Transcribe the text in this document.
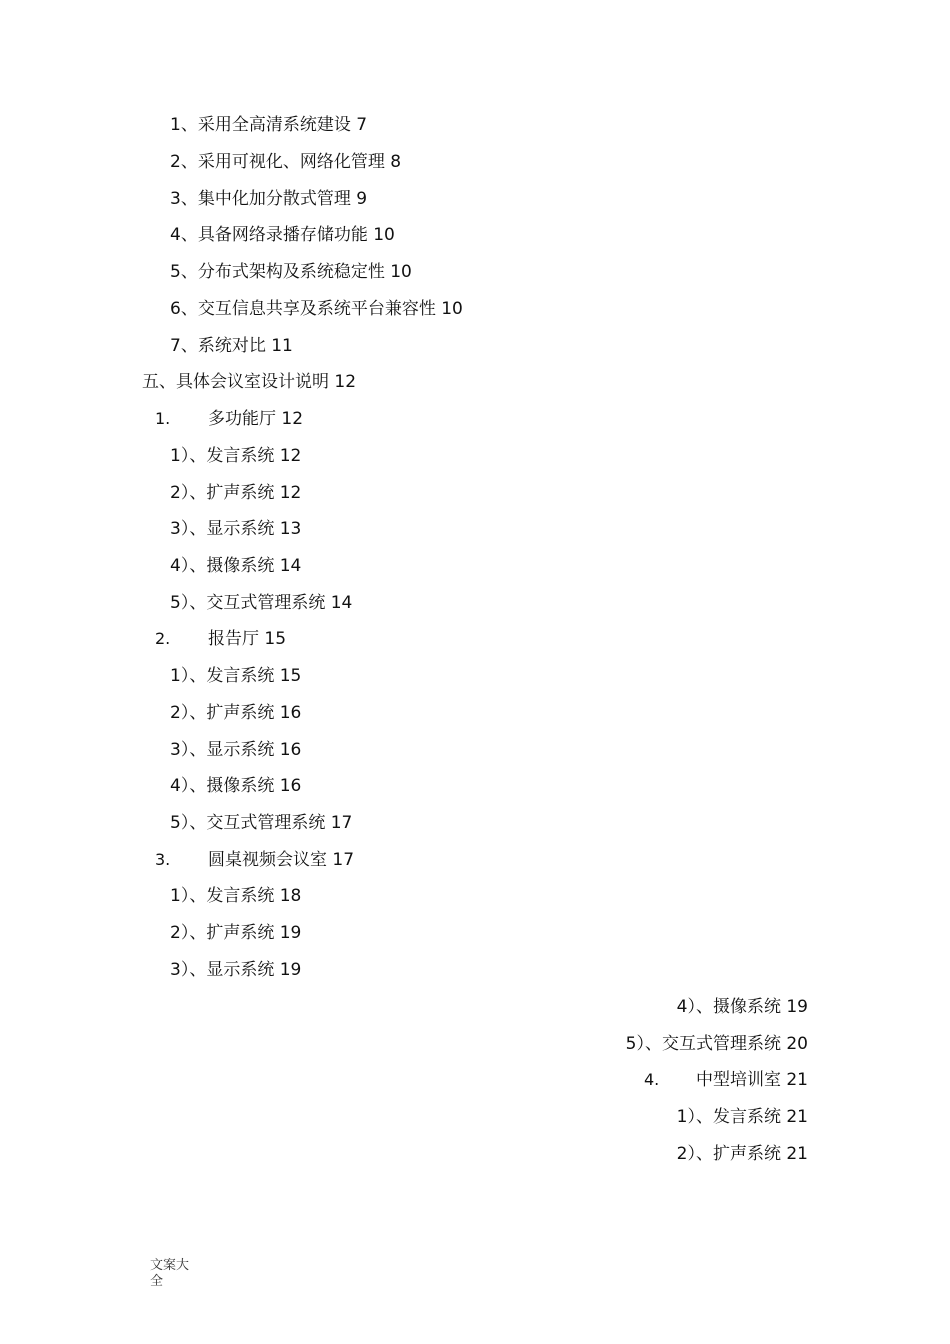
1、采用全高清系统建设 7
2、采用可视化、网络化管理 8
3、集中化加分散式管理 9
4、具备网络录播存储功能 10
5、分布式架构及系统稳定性 10
6、交互信息共享及系统平台兼容性 10
7、系统对比 11
五、具体会议室设计说明 12
1. 多功能厅 12
1）、发言系统 12
2）、扩声系统 12
3）、显示系统 13
4）、摄像系统 14
5）、交互式管理系统 14
2. 报告厅 15
1）、发言系统 15
2）、扩声系统 16
3）、显示系统 16
4）、摄像系统 16
5）、交互式管理系统 17
3. 圆桌视频会议室 17
1）、发言系统 18
2）、扩声系统 19
3）、显示系统 19
4）、摄像系统 19
5）、交互式管理系统 20
4. 中型培训室 21
1）、发言系统 21
2）、扩声系统 21
文案大全
